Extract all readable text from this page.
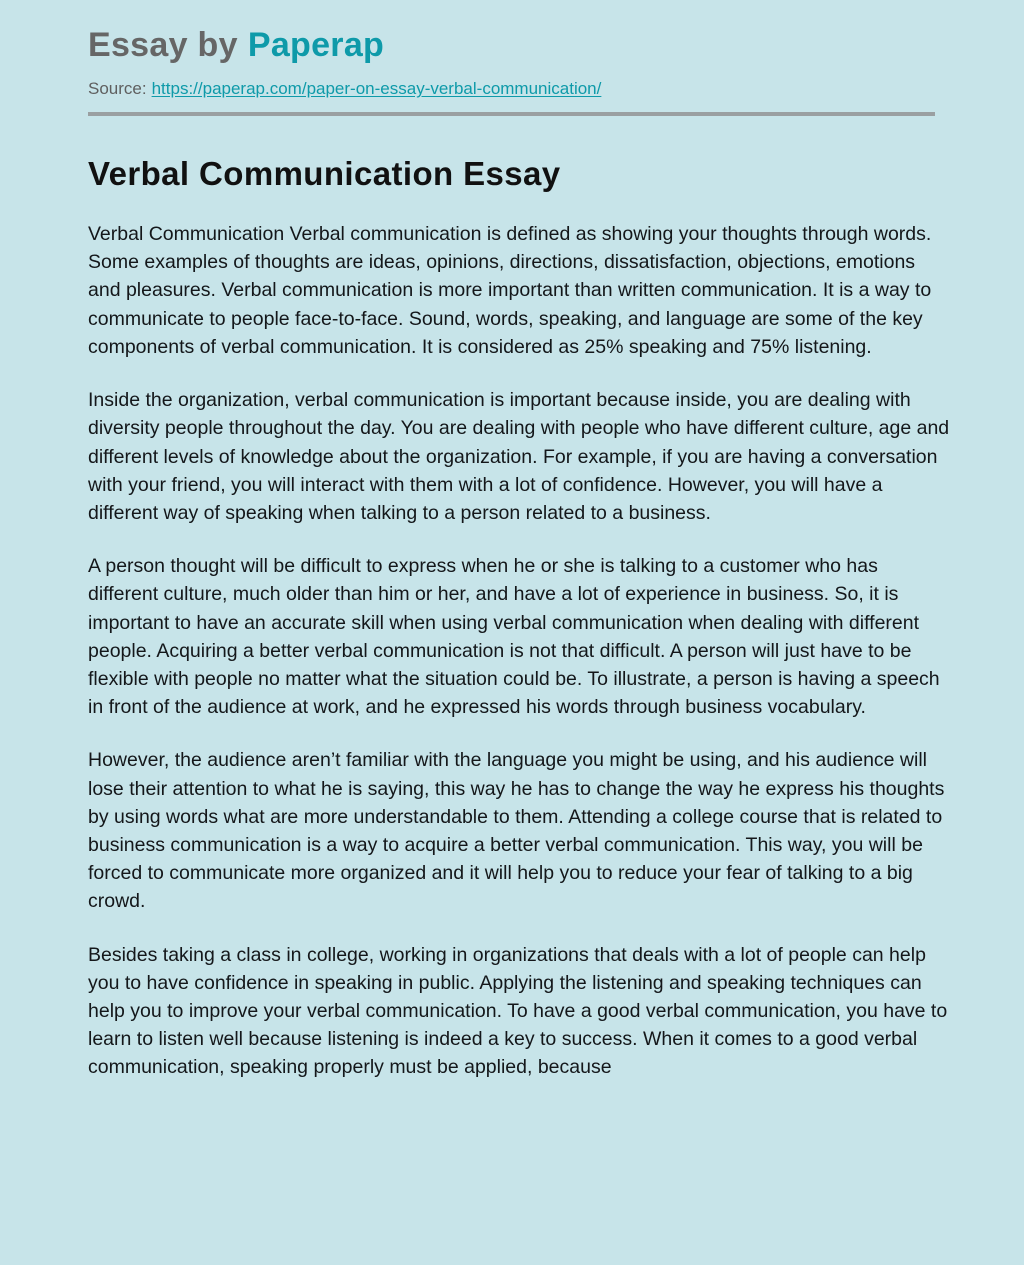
Essay by Paperap
Source: https://paperap.com/paper-on-essay-verbal-communication/
Verbal Communication Essay

Verbal Communication Verbal communication is defined as showing your thoughts through words. Some examples of thoughts are ideas, opinions, directions, dissatisfaction, objections, emotions and pleasures. Verbal communication is more important than written communication. It is a way to communicate to people face-to-face. Sound, words, speaking, and language are some of the key components of verbal communication. It is considered as 25% speaking and 75% listening.

Inside the organization, verbal communication is important because inside, you are dealing with diversity people throughout the day. You are dealing with people who have different culture, age and different levels of knowledge about the organization. For example, if you are having a conversation with your friend, you will interact with them with a lot of confidence. However, you will have a different way of speaking when talking to a person related to a business.

A person thought will be difficult to express when he or she is talking to a customer who has different culture, much older than him or her, and have a lot of experience in business. So, it is important to have an accurate skill when using verbal communication when dealing with different people. Acquiring a better verbal communication is not that difficult. A person will just have to be flexible with people no matter what the situation could be. To illustrate, a person is having a speech in front of the audience at work, and he expressed his words through business vocabulary.

However, the audience aren’t familiar with the language you might be using, and his audience will lose their attention to what he is saying, this way he has to change the way he express his thoughts by using words what are more understandable to them. Attending a college course that is related to business communication is a way to acquire a better verbal communication. This way, you will be forced to communicate more organized and it will help you to reduce your fear of talking to a big crowd.

Besides taking a class in college, working in organizations that deals with a lot of people can help you to have confidence in speaking in public. Applying the listening and speaking techniques can help you to improve your verbal communication. To have a good verbal communication, you have to learn to listen well because listening is indeed a key to success. When it comes to a good verbal communication, speaking properly must be applied, because
